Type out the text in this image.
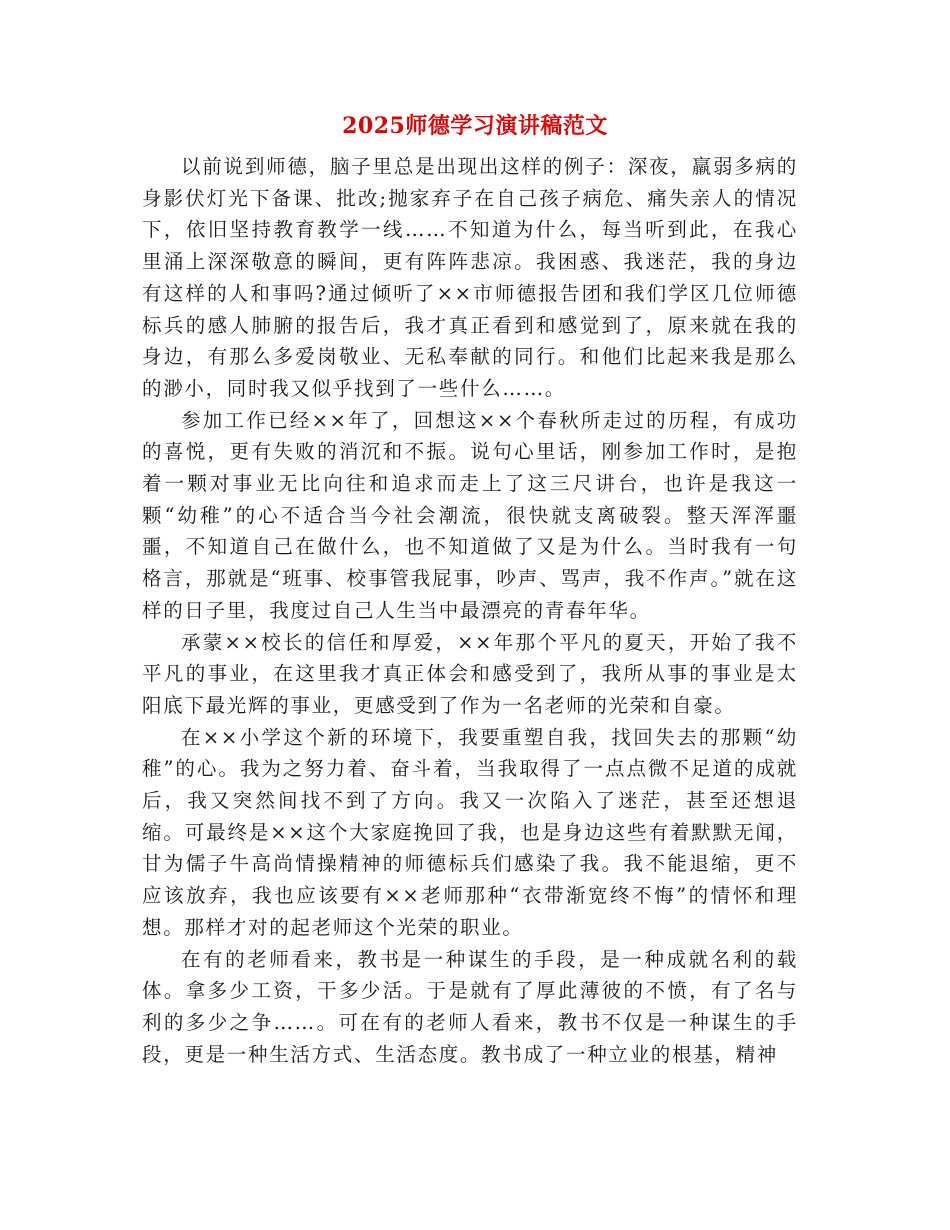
2025师德学习演讲稿范文

以前说到师德，脑子里总是出现出这样的例子：深夜，羸弱多病的身影伏灯光下备课、批改;抛家弃子在自己孩子病危、痛失亲人的情况下，依旧坚持教育教学一线……不知道为什么，每当听到此，在我心里涌上深深敬意的瞬间，更有阵阵悲凉。我困惑、我迷茫，我的身边有这样的人和事吗?通过倾听了××市师德报告团和我们学区几位师德标兵的感人肺腑的报告后，我才真正看到和感觉到了，原来就在我的身边，有那么多爱岗敬业、无私奉献的同行。和他们比起来我是那么的渺小，同时我又似乎找到了一些什么……。

参加工作已经××年了，回想这××个春秋所走过的历程，有成功的喜悦，更有失败的消沉和不振。说句心里话，刚参加工作时，是抱着一颗对事业无比向往和追求而走上了这三尺讲台，也许是我这一颗“幼稚”的心不适合当今社会潮流，很快就支离破裂。整天浑浑噩噩，不知道自己在做什么，也不知道做了又是为什么。当时我有一句格言，那就是“班事、校事管我屁事，吵声、骂声，我不作声。”就在这样的日子里，我度过自己人生当中最漂亮的青春年华。

承蒙××校长的信任和厚爱，××年那个平凡的夏天，开始了我不平凡的事业，在这里我才真正体会和感受到了，我所从事的事业是太阳底下最光辉的事业，更感受到了作为一名老师的光荣和自豪。

在××小学这个新的环境下，我要重塑自我，找回失去的那颗“幼稚”的心。我为之努力着、奋斗着，当我取得了一点点微不足道的成就后，我又突然间找不到了方向。我又一次陷入了迷茫，甚至还想退缩。可最终是××这个大家庭挽回了我，也是身边这些有着默默无闻，甘为儒子牛高尚情操精神的师德标兵们感染了我。我不能退缩，更不应该放弃，我也应该要有××老师那种“衣带渐宽终不悔”的情怀和理想。那样才对的起老师这个光荣的职业。

在有的老师看来，教书是一种谋生的手段，是一种成就名利的载体。拿多少工资，干多少活。于是就有了厚此薄彼的不愤，有了名与利的多少之争……。可在有的老师人看来，教书不仅是一种谋生的手段，更是一种生活方式、生活态度。教书成了一种立业的根基，精神
